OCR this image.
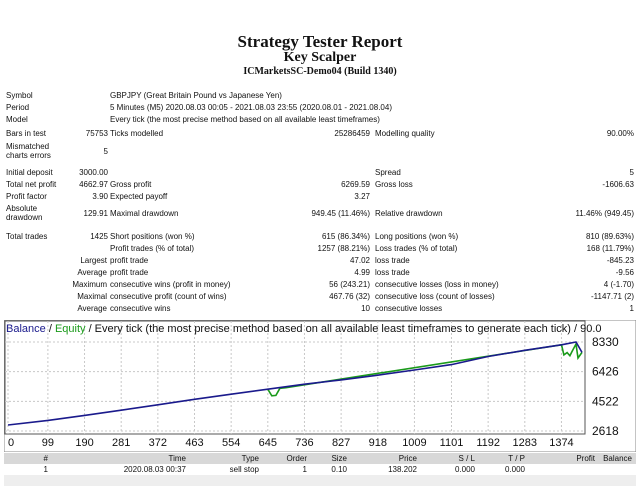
Strategy Tester Report
Key Scalper
ICMarketsSC-Demo04 (Build 1340)
Symbol	GBPJPY (Great Britain Pound vs Japanese Yen)
Period	5 Minutes (M5) 2020.08.03 00:05 - 2021.08.03 23:55 (2020.08.01 - 2021.08.04)
Model	Every tick (the most precise method based on all available least timeframes)
Bars in test	75753 Ticks modelled	25286459 Modelling quality	90.00%
Mismatched charts errors	5
Initial deposit	3000.00	Spread	5
Total net profit	4662.97 Gross profit	6269.59 Gross loss	-1606.63
Profit factor	3.90 Expected payoff	3.27
Absolute drawdown	129.91 Maximal drawdown	949.45 (11.46%) Relative drawdown	11.46% (949.45)
Total trades	1425 Short positions (won %)	615 (86.34%) Long positions (won %)	810 (89.63%)
Profit trades (% of total)	1257 (88.21%) Loss trades (% of total)	168 (11.79%)
Largest profit trade	47.02 loss trade	-845.23
Average profit trade	4.99 loss trade	-9.56
Maximum consecutive wins (profit in money)	56 (243.21) consecutive losses (loss in money)	4 (-1.70)
Maximal consecutive profit (count of wins)	467.76 (32) consecutive loss (count of losses)	-1147.71 (2)
Average consecutive wins	10 consecutive losses	1
0	99 190 281 372 463 554 645 736 827 918 1009 1101 1192 1283 1374
8330
6426
4522
2618
Balance / Equity / Every tick (the most precise method based on all available least timeframes to generate each tick) / 90.0
#	Time	Type	Order	Size	Price	S / L	T / P	Profit	Balance
1	2020.08.03 00:37	sell stop	1	0.10	138.202	0.000	0.000		
